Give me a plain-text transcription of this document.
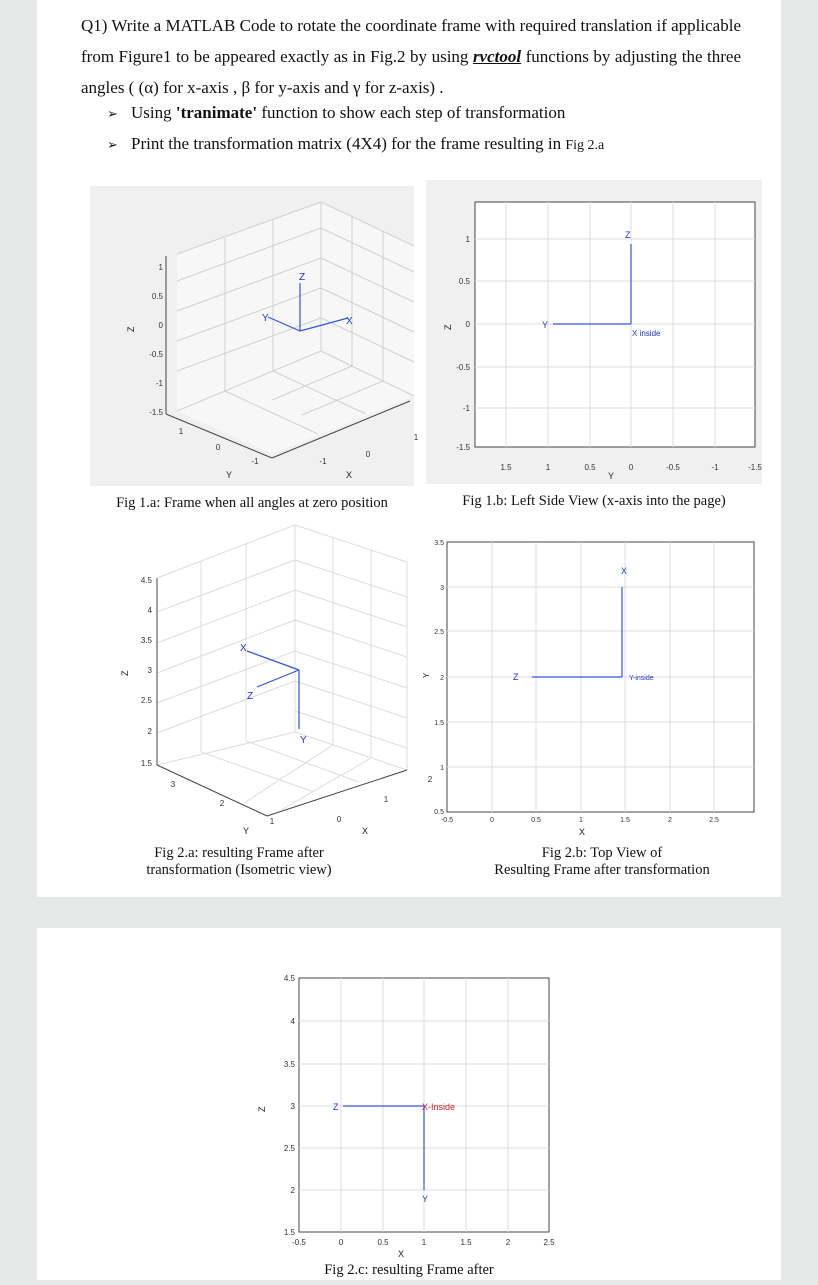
Q1) Write a MATLAB Code to rotate the coordinate frame with required translation if applicable from Figure1 to be appeared exactly as in Fig.2 by using rvctool functions by adjusting the three angles ( (α) for x-axis , β for y-axis and γ for z-axis) .
➢ Using 'tranimate' function to show each step of transformation
➢ Print the transformation matrix (4X4) for the frame resulting in Fig 2.a
1
0.5
0
-0.5
-1
-1.5
1
0
-1	-1
0
1
Z
Y	X
Z
X
Y
1
0.5
0
-0.5
-1
-1.5
1.5	1	0.5	0	-0.5	-1	-1.5
Y
Z
Z
Y
X inside
Fig 1.a: Frame when all angles at zero position	Fig 1.b: Left Side View (x-axis into the page)
4.5
4
3.5
3
2.5
2
1.5
3
2
1	0
1
2
Z
Y	X
X
Z
Y
3.5
3
2.5
2
1.5
1
0.5
-0.5	0	0.5	1	1.5	2	2.5
X
Y
X
Z	Y-inside
Fig 2.a: resulting Frame after
transformation (Isometric view)
Fig 2.b: Top View of
Resulting Frame after transformation
4.5
4
3.5
3
2.5
2
1.5
-0.5	0	0.5	1	1.5	2	2.5
X
Z	Z	X-Inside
Y
Fig 2.c: resulting Frame after
